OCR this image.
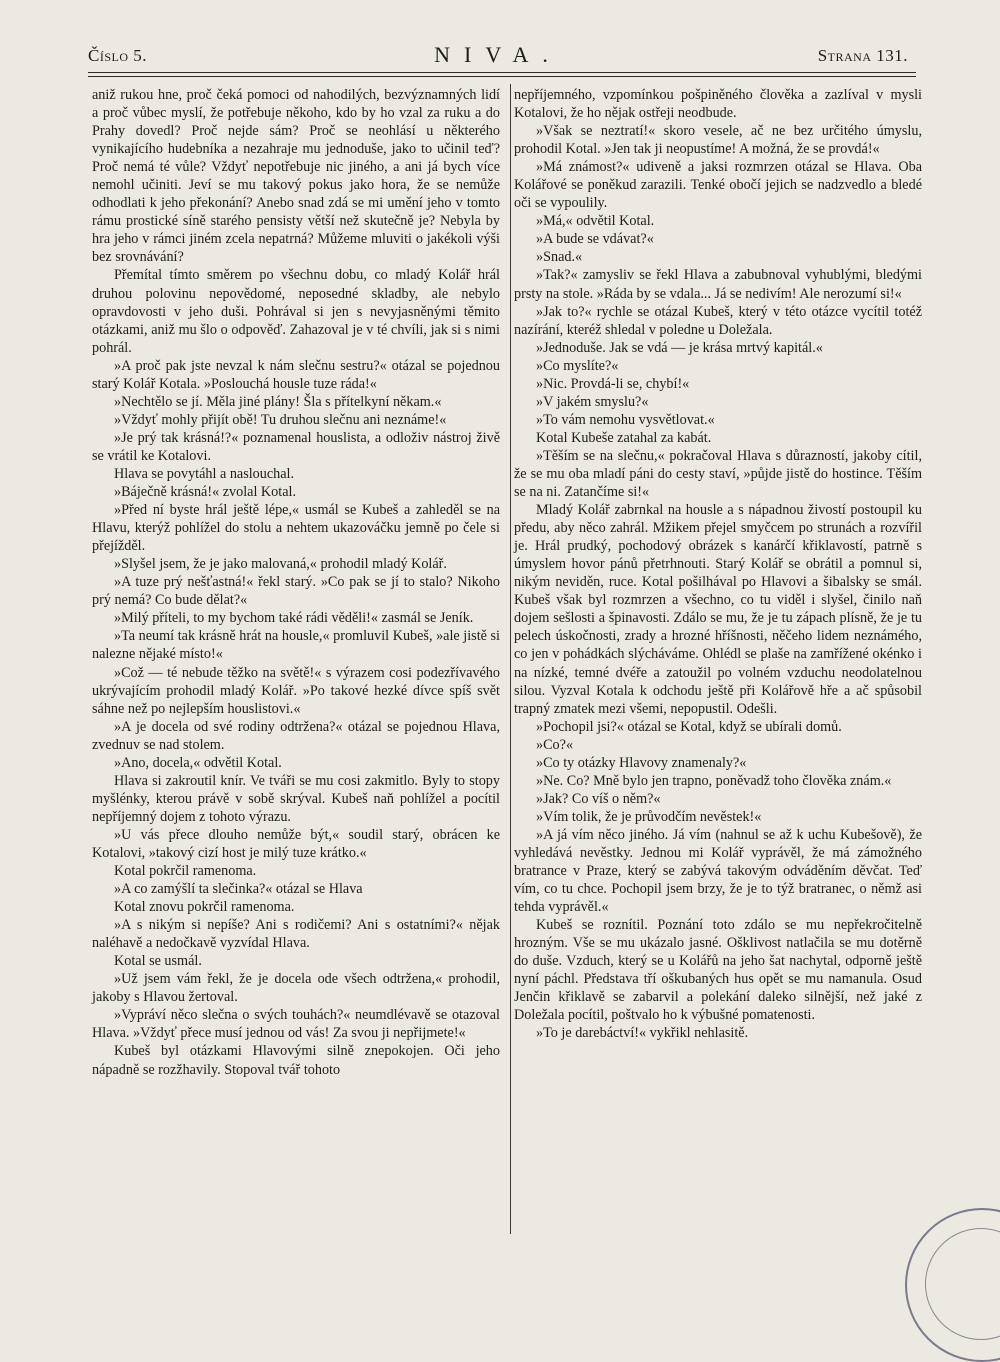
Číslo 5.	NIVA.	Strana 131.

aniž rukou hne, proč čeká pomoci od nahodilých, bezvýznamných lidí a proč vůbec myslí, že potřebuje někoho, kdo by ho vzal za ruku a do Prahy dovedl? Proč nejde sám? Proč se neohlásí u některého vynikajícího hudebníka a nezahraje mu jednoduše, jako to učinil teď? Proč nemá té vůle? Vždyť nepotřebuje nic jiného, a ani já bych více nemohl učiniti. Jeví se mu takový pokus jako hora, že se nemůže odhodlati k jeho překonání? Anebo snad zdá se mi umění jeho v tomto rámu prostické síně starého pensisty větší než skutečně je? Nebyla by hra jeho v rámci jiném zcela nepatrná? Můžeme mluviti o jakékoli výši bez srovnávání?

Přemítal tímto směrem po všechnu dobu, co mladý Kolář hrál druhou polovinu nepovědomé, neposedné skladby, ale nebylo opravdovosti v jeho duši. Pohrával si jen s nevyjasněnými těmito otázkami, aniž mu šlo o odpověď. Zahazoval je v té chvíli, jak si s nimi pohrál.

»A proč pak jste nevzal k nám slečnu sestru?« otázal se pojednou starý Kolář Kotala. »Poslouchá housle tuze ráda!«

»Nechtělo se jí. Měla jiné plány! Šla s přítelkyní někam.«

»Vždyť mohly přijít obě! Tu druhou slečnu ani neznáme!«

»Je prý tak krásná!?« poznamenal houslista, a odloživ nástroj živě se vrátil ke Kotalovi.

Hlava se povytáhl a naslouchal.

»Báječně krásná!« zvolal Kotal.

»Před ní byste hrál ještě lépe,« usmál se Kubeš a zahleděl se na Hlavu, kterýž pohlížel do stolu a nehtem ukazováčku jemně po čele si přejížděl.

»Slyšel jsem, že je jako malovaná,« prohodil mladý Kolář.

»A tuze prý nešťastná!« řekl starý. »Co pak se jí to stalo? Nikoho prý nemá? Co bude dělat?«

»Milý příteli, to my bychom také rádi věděli!« zasmál se Jeník.

»Ta neumí tak krásně hrát na housle,« promluvil Kubeš, »ale jistě si nalezne nějaké místo!«

»Což — té nebude těžko na světě!« s výrazem cosi podezřívavého ukrývajícím prohodil mladý Kolář. »Po takové hezké dívce spíš svět sáhne než po nejlepším houslistovi.«

»A je docela od své rodiny odtržena?« otázal se pojednou Hlava, zvednuv se nad stolem.

»Ano, docela,« odvětil Kotal.

Hlava si zakroutil knír. Ve tváři se mu cosi zakmitlo. Byly to stopy myšlénky, kterou právě v sobě skrýval. Kubeš naň pohlížel a pocítil nepříjemný dojem z tohoto výrazu.

»U vás přece dlouho nemůže být,« soudil starý, obrácen ke Kotalovi, »takový cizí host je milý tuze krátko.«

Kotal pokrčil ramenoma.

»A co zamýšlí ta slečinka?« otázal se Hlava

Kotal znovu pokrčil ramenoma.

»A s nikým si nepíše? Ani s rodičemi? Ani s ostatními?« nějak naléhavě a nedočkavě vyzvídal Hlava.

Kotal se usmál.

»Už jsem vám řekl, že je docela ode všech odtržena,« prohodil, jakoby s Hlavou žertoval.

»Vypráví něco slečna o svých touhách?« neumdlévavě se otazoval Hlava. »Vždyť přece musí jednou od vás! Za svou ji nepřijmete!«

Kubeš byl otázkami Hlavovými silně znepokojen. Oči jeho nápadně se rozžhavily. Stopoval tvář tohoto

nepříjemného, vzpomínkou pošpiněného člověka a zazlíval v mysli Kotalovi, že ho nějak ostřeji neodbude.

»Však se neztratí!« skoro vesele, ač ne bez určitého úmyslu, prohodil Kotal. »Jen tak ji neopustíme! A možná, že se provdá!«

»Má známost?« udiveně a jaksi rozmrzen otázal se Hlava. Oba Kolářové se poněkud zarazili. Tenké obočí jejich se nadzvedlo a bledé oči se vypoulily.

»Má,« odvětil Kotal.

»A bude se vdávat?«

»Snad.«

»Tak?« zamysliv se řekl Hlava a zabubnoval vyhublými, bledými prsty na stole. »Ráda by se vdala... Já se nedivím! Ale nerozumí si!«

»Jak to?« rychle se otázal Kubeš, který v této otázce vycítil totéž nazírání, kteréž shledal v poledne u Doležala.

»Jednoduše. Jak se vdá — je krása mrtvý kapitál.«

»Co myslíte?«

»Nic. Provdá-li se, chybí!«

»V jakém smyslu?«

»To vám nemohu vysvětlovat.«

Kotal Kubeše zatahal za kabát.

»Těším se na slečnu,« pokračoval Hlava s důrazností, jakoby cítil, že se mu oba mladí páni do cesty staví, »půjde jistě do hostince. Těším se na ni. Zatančíme si!«

Mladý Kolář zabrnkal na housle a s nápadnou živostí postoupil ku předu, aby něco zahrál. Mžikem přejel smyčcem po strunách a rozvířil je. Hrál prudký, pochodový obrázek s kanárčí křiklavostí, patrně s úmyslem hovor pánů přetrhnouti. Starý Kolář se obrátil a pomnul si, nikým neviděn, ruce. Kotal pošilhával po Hlavovi a šibalsky se smál. Kubeš však byl rozmrzen a všechno, co tu viděl i slyšel, činilo naň dojem sešlosti a špinavosti. Zdálo se mu, že je tu zápach plísně, že je tu pelech úskočnosti, zrady a hrozné hříšnosti, něčeho lidem neznámého, co jen v pohádkách slýcháváme. Ohlédl se plaše na zamřížené okénko i na nízké, temné dvéře a zatoužil po volném vzduchu neodolatelnou silou. Vyzval Kotala k odchodu ještě při Kolářově hře a ač spůsobil trapný zmatek mezi všemi, nepopustil. Odešli.

»Pochopil jsi?« otázal se Kotal, když se ubírali domů.

»Co?«

»Co ty otázky Hlavovy znamenaly?«

»Ne. Co? Mně bylo jen trapno, poněvadž toho člověka znám.«

»Jak? Co víš o něm?«

»Vím tolik, že je průvodčím nevěstek!«

»A já vím něco jiného. Já vím (nahnul se až k uchu Kubešově), že vyhledává nevěstky. Jednou mi Kolář vyprávěl, že má zámožného bratrance v Praze, který se zabývá takovým odváděním děvčat. Teď vím, co tu chce. Pochopil jsem brzy, že je to týž bratranec, o němž asi tehda vyprávěl.«

Kubeš se roznítil. Poznání toto zdálo se mu nepřekročitelně hrozným. Vše se mu ukázalo jasné. Ošklivost natlačila se mu dotěrně do duše. Vzduch, který se u Kolářů na jeho šat nachytal, odporně ještě nyní páchl. Představa tří oškubaných hus opět se mu namanula. Osud Jenčin křiklavě se zabarvil a polekání daleko silnější, než jaké z Doležala pocítil, poštvalo ho k výbušné pomatenosti.

»To je darebáctví!« vykřikl nehlasitě.
